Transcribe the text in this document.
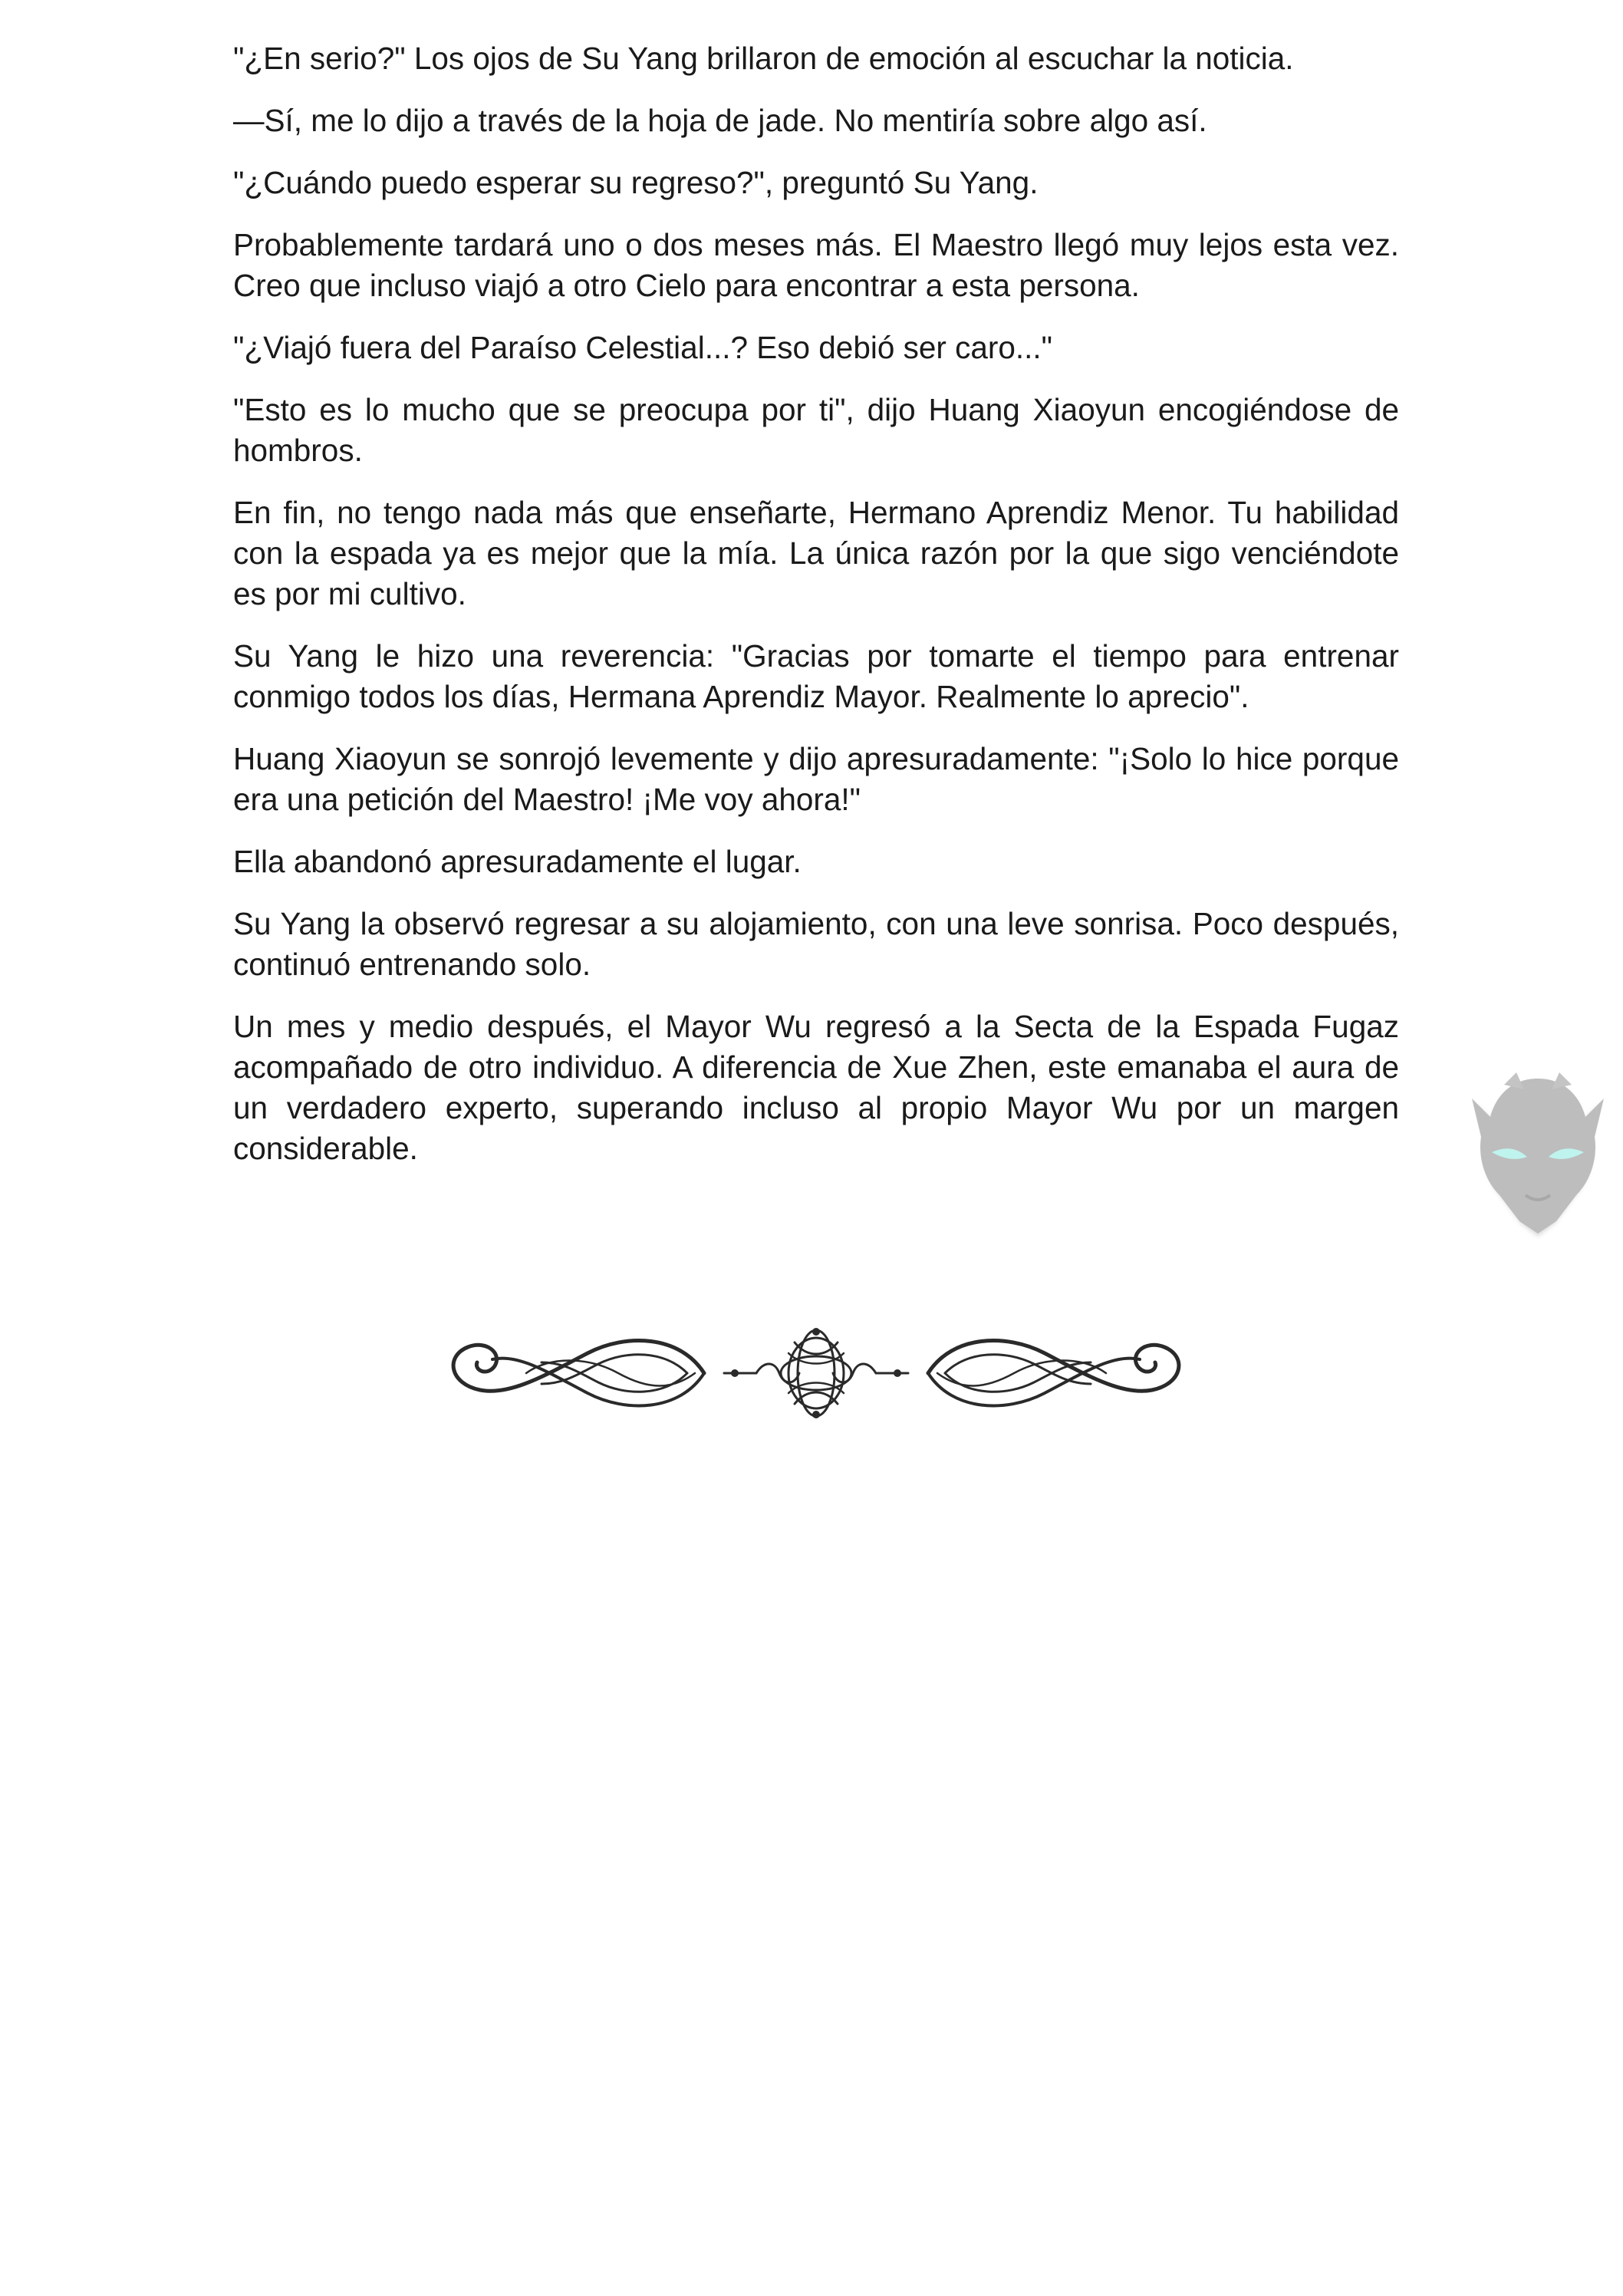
"¿En serio?" Los ojos de Su Yang brillaron de emoción al escuchar la noticia.

—Sí, me lo dijo a través de la hoja de jade. No mentiría sobre algo así.

"¿Cuándo puedo esperar su regreso?", preguntó Su Yang.

Probablemente tardará uno o dos meses más. El Maestro llegó muy lejos esta vez. Creo que incluso viajó a otro Cielo para encontrar a esta persona.

"¿Viajó fuera del Paraíso Celestial...? Eso debió ser caro..."

"Esto es lo mucho que se preocupa por ti", dijo Huang Xiaoyun encogiéndose de hombros.

En fin, no tengo nada más que enseñarte, Hermano Aprendiz Menor. Tu habilidad con la espada ya es mejor que la mía. La única razón por la que sigo venciéndote es por mi cultivo.

Su Yang le hizo una reverencia: "Gracias por tomarte el tiempo para entrenar conmigo todos los días, Hermana Aprendiz Mayor. Realmente lo aprecio".

Huang Xiaoyun se sonrojó levemente y dijo apresuradamente: "¡Solo lo hice porque era una petición del Maestro! ¡Me voy ahora!"

Ella abandonó apresuradamente el lugar.

Su Yang la observó regresar a su alojamiento, con una leve sonrisa. Poco después, continuó entrenando solo.

Un mes y medio después, el Mayor Wu regresó a la Secta de la Espada Fugaz acompañado de otro individuo. A diferencia de Xue Zhen, este emanaba el aura de un verdadero experto, superando incluso al propio Mayor Wu por un margen considerable.
